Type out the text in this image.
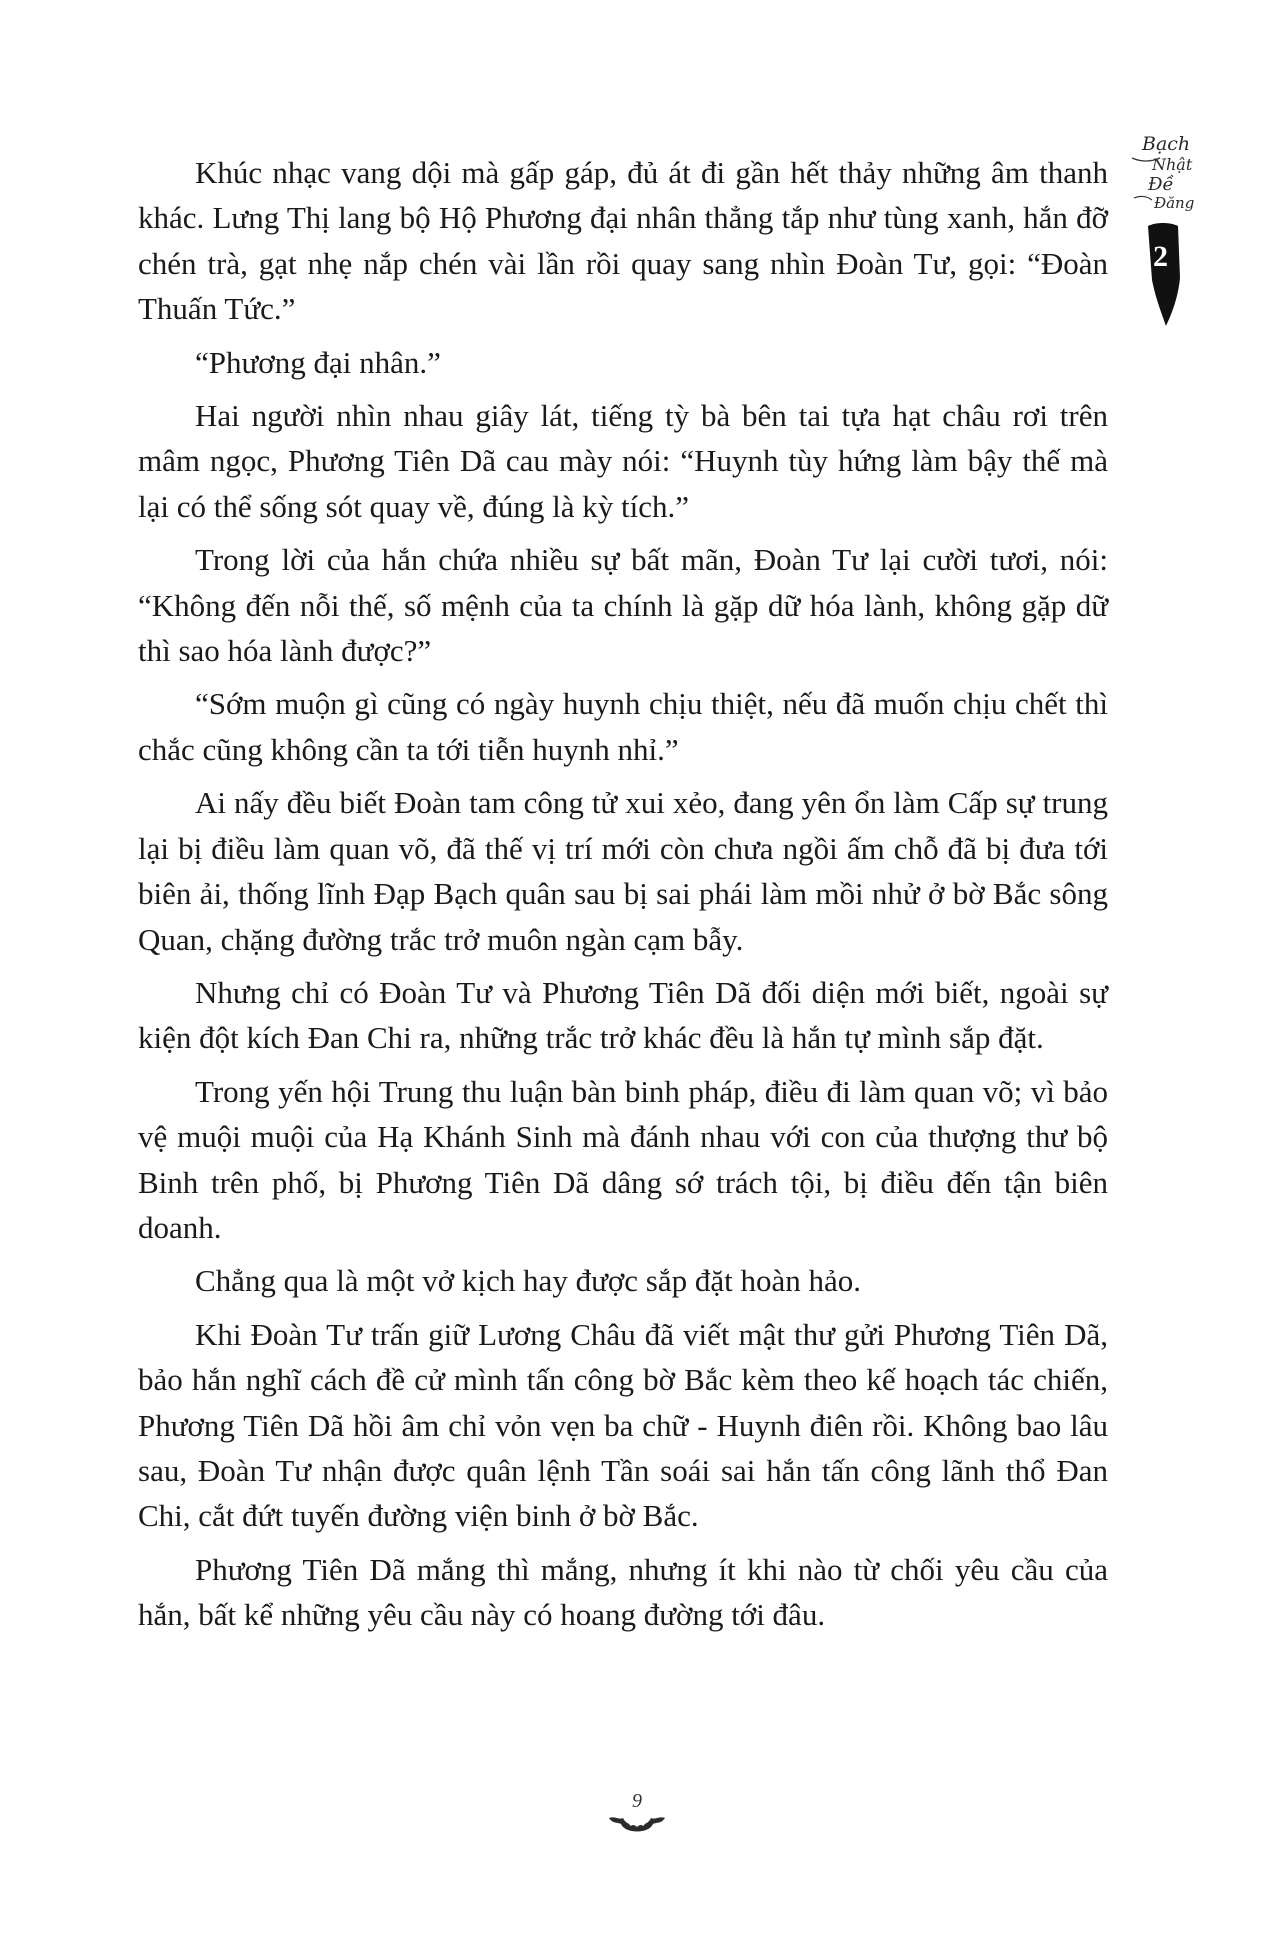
Bạch
Nhật
Đề
Đăng
2

Khúc nhạc vang dội mà gấp gáp, đủ át đi gần hết thảy những âm thanh khác. Lưng Thị lang bộ Hộ Phương đại nhân thẳng tắp như tùng xanh, hắn đỡ chén trà, gạt nhẹ nắp chén vài lần rồi quay sang nhìn Đoàn Tư, gọi: “Đoàn Thuấn Tức.”

“Phương đại nhân.”

Hai người nhìn nhau giây lát, tiếng tỳ bà bên tai tựa hạt châu rơi trên mâm ngọc, Phương Tiên Dã cau mày nói: “Huynh tùy hứng làm bậy thế mà lại có thể sống sót quay về, đúng là kỳ tích.”

Trong lời của hắn chứa nhiều sự bất mãn, Đoàn Tư lại cười tươi, nói: “Không đến nỗi thế, số mệnh của ta chính là gặp dữ hóa lành, không gặp dữ thì sao hóa lành được?”

“Sớm muộn gì cũng có ngày huynh chịu thiệt, nếu đã muốn chịu chết thì chắc cũng không cần ta tới tiễn huynh nhỉ.”

Ai nấy đều biết Đoàn tam công tử xui xẻo, đang yên ổn làm Cấp sự trung lại bị điều làm quan võ, đã thế vị trí mới còn chưa ngồi ấm chỗ đã bị đưa tới biên ải, thống lĩnh Đạp Bạch quân sau bị sai phái làm mồi nhử ở bờ Bắc sông Quan, chặng đường trắc trở muôn ngàn cạm bẫy.

Nhưng chỉ có Đoàn Tư và Phương Tiên Dã đối diện mới biết, ngoài sự kiện đột kích Đan Chi ra, những trắc trở khác đều là hắn tự mình sắp đặt.

Trong yến hội Trung thu luận bàn binh pháp, điều đi làm quan võ; vì bảo vệ muội muội của Hạ Khánh Sinh mà đánh nhau với con của thượng thư bộ Binh trên phố, bị Phương Tiên Dã dâng sớ trách tội, bị điều đến tận biên doanh.

Chẳng qua là một vở kịch hay được sắp đặt hoàn hảo.

Khi Đoàn Tư trấn giữ Lương Châu đã viết mật thư gửi Phương Tiên Dã, bảo hắn nghĩ cách đề cử mình tấn công bờ Bắc kèm theo kế hoạch tác chiến, Phương Tiên Dã hồi âm chỉ vỏn vẹn ba chữ - Huynh điên rồi. Không bao lâu sau, Đoàn Tư nhận được quân lệnh Tần soái sai hắn tấn công lãnh thổ Đan Chi, cắt đứt tuyến đường viện binh ở bờ Bắc.

Phương Tiên Dã mắng thì mắng, nhưng ít khi nào từ chối yêu cầu của hắn, bất kể những yêu cầu này có hoang đường tới đâu.

9
